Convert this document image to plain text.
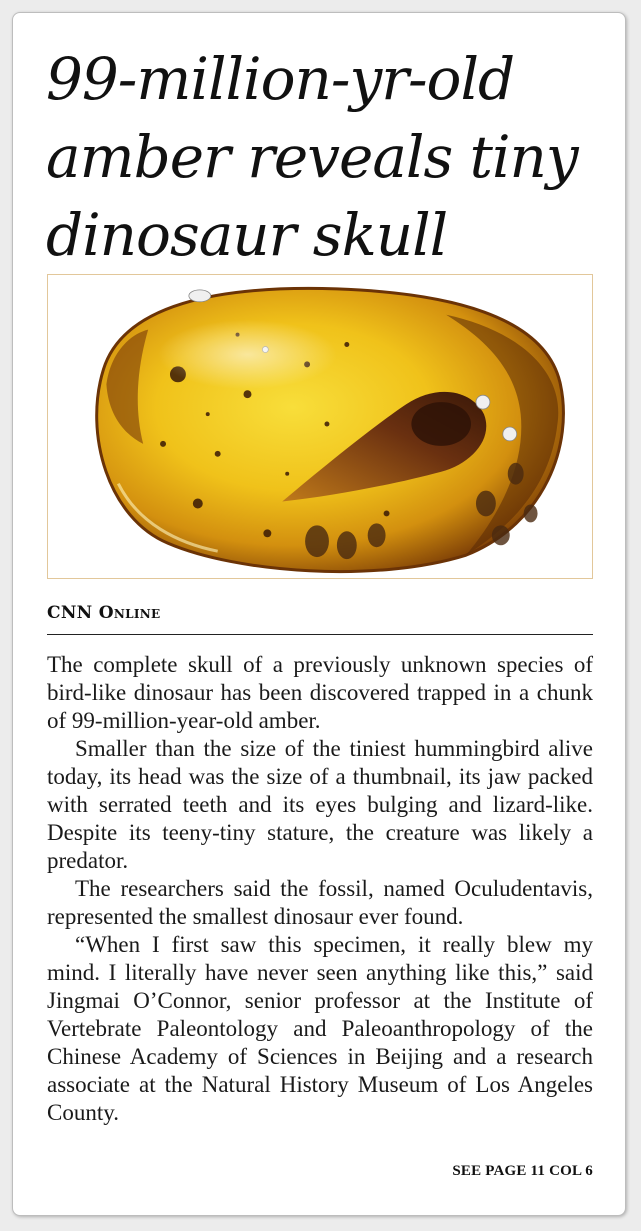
99-million-yr-old amber reveals tiny dinosaur skull
CNN Online

The complete skull of a previously unknown species of bird-like dinosaur has been discovered trapped in a chunk of 99-million-year-old amber.

Smaller than the size of the tiniest hummingbird alive today, its head was the size of a thumbnail, its jaw packed with serrated teeth and its eyes bulging and lizard-like. Despite its teeny-tiny stature, the creature was likely a predator.

The researchers said the fossil, named Oculudentavis, represented the smallest dinosaur ever found.

“When I first saw this specimen, it really blew my mind. I literally have never seen anything like this,” said Jingmai O’Connor, senior professor at the Institute of Vertebrate Paleontology and Paleoanthropology of the Chinese Academy of Sciences in Beijing and a research associate at the Natural History Museum of Los Angeles County.

SEE PAGE 11 COL 6
